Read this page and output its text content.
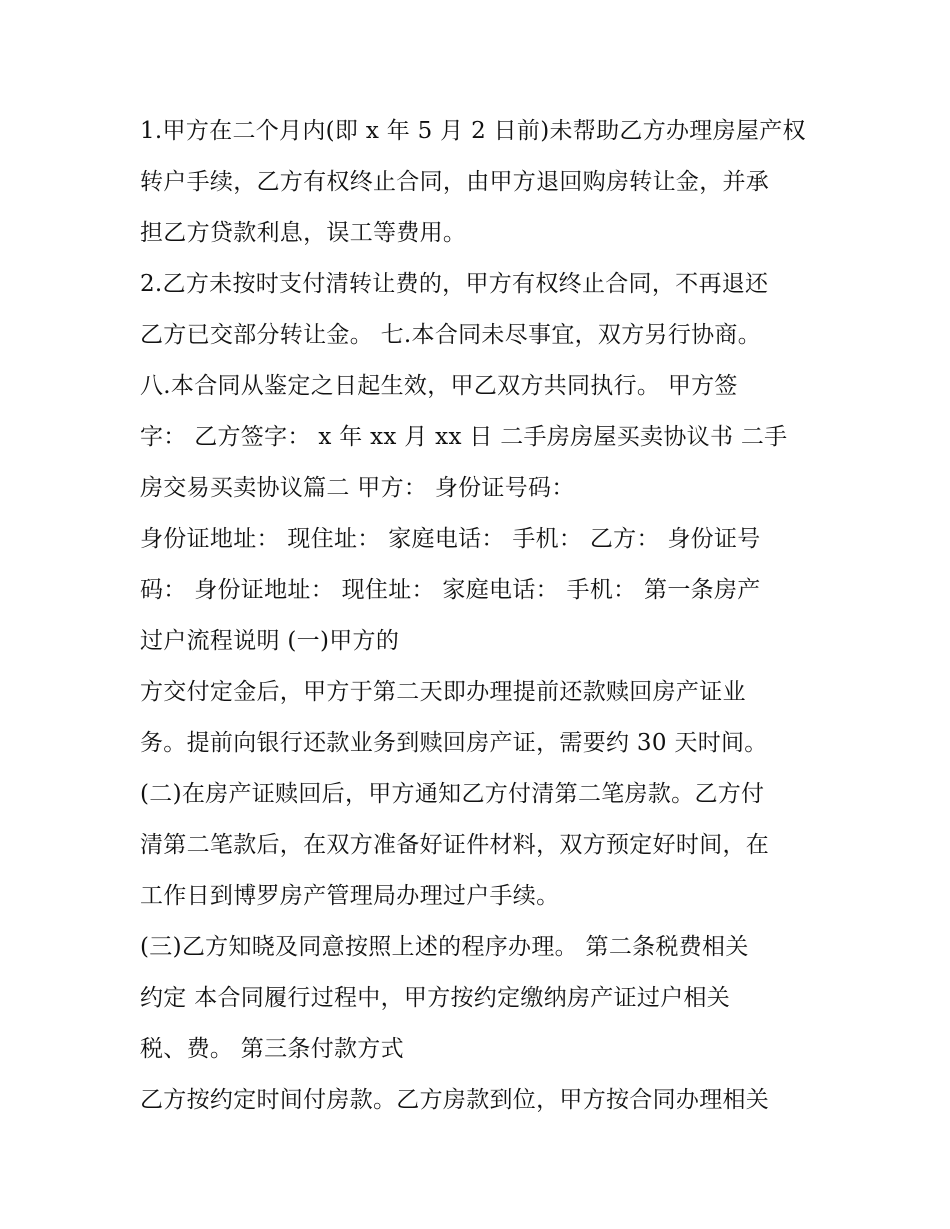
1.甲方在二个月内(即 x 年 5 月 2 日前)未帮助乙方办理房屋产权
转户手续，乙方有权终止合同，由甲方退回购房转让金，并承
担乙方贷款利息，误工等费用。
2.乙方未按时支付清转让费的，甲方有权终止合同，不再退还
乙方已交部分转让金。 七.本合同未尽事宜，双方另行协商。
八.本合同从鉴定之日起生效，甲乙双方共同执行。 甲方签
字： 乙方签字： x 年 xx 月 xx 日 二手房房屋买卖协议书 二手
房交易买卖协议篇二 甲方： 身份证号码：
身份证地址： 现住址： 家庭电话： 手机： 乙方： 身份证号
码： 身份证地址： 现住址： 家庭电话： 手机： 第一条房产
过户流程说明 (一)甲方的
方交付定金后，甲方于第二天即办理提前还款赎回房产证业
务。提前向银行还款业务到赎回房产证，需要约 30 天时间。
(二)在房产证赎回后，甲方通知乙方付清第二笔房款。乙方付
清第二笔款后，在双方准备好证件材料，双方预定好时间，在
工作日到博罗房产管理局办理过户手续。
(三)乙方知晓及同意按照上述的程序办理。 第二条税费相关
约定 本合同履行过程中，甲方按约定缴纳房产证过户相关
税、费。 第三条付款方式
乙方按约定时间付房款。乙方房款到位，甲方按合同办理相关
